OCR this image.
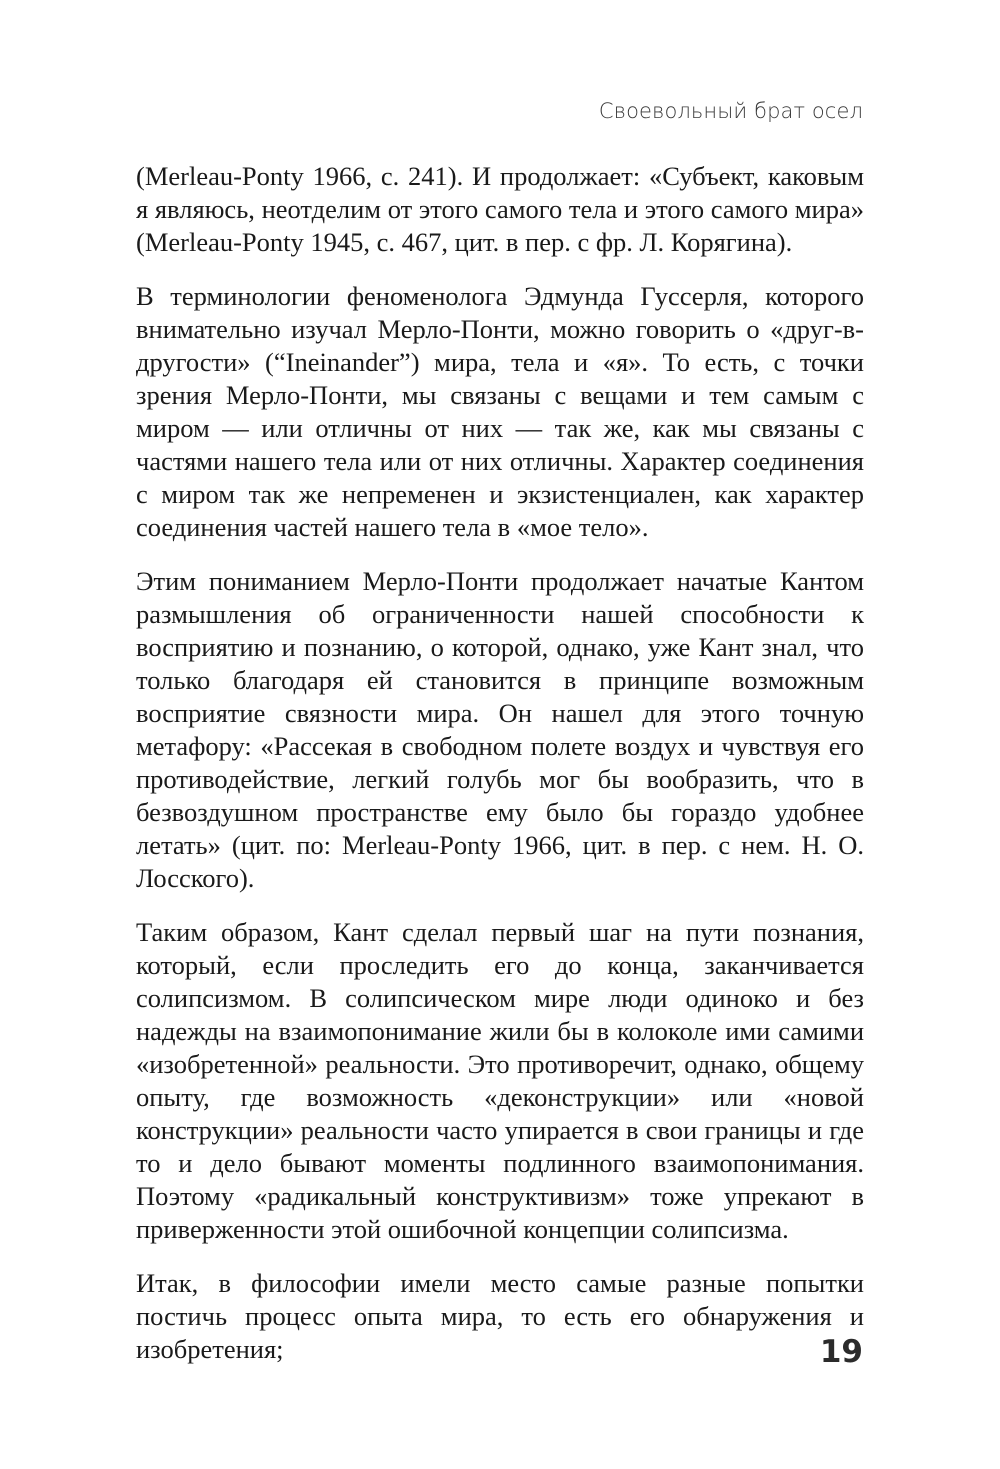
Своевольный брат осел

(Merleau-Ponty 1966, с. 241). И продолжает: «Субъект, каковым я являюсь, неотделим от этого самого тела и этого самого мира» (Merleau-Ponty 1945, с. 467, цит. в пер. с фр. Л. Корягина).

В терминологии феноменолога Эдмунда Гуссерля, которого внимательно изучал Мерло-Понти, можно говорить о «друг-в-другости» (“Ineinander”) мира, тела и «я». То есть, с точки зрения Мерло-Понти, мы связаны с вещами и тем самым с миром — или отличны от них — так же, как мы связаны с частями нашего тела или от них отличны. Характер соединения с миром так же непременен и экзистенциален, как характер соединения частей нашего тела в «мое тело».

Этим пониманием Мерло-Понти продолжает начатые Кантом размышления об ограниченности нашей способности к восприятию и познанию, о которой, однако, уже Кант знал, что только благодаря ей становится в принципе возможным восприятие связности мира. Он нашел для этого точную метафору: «Рассекая в свободном полете воздух и чувствуя его противодействие, легкий голубь мог бы вообразить, что в безвоздушном пространстве ему было бы гораздо удобнее летать» (цит. по: Merleau-Ponty 1966, цит. в пер. с нем. Н. О. Лосского).

Таким образом, Кант сделал первый шаг на пути познания, который, если проследить его до конца, заканчивается солипсизмом. В солипсическом мире люди одиноко и без надежды на взаимопонимание жили бы в колоколе ими самими «изобретенной» реальности. Это противоречит, однако, общему опыту, где возможность «деконструкции» или «новой конструкции» реальности часто упирается в свои границы и где то и дело бывают моменты подлинного взаимопонимания. Поэтому «радикальный конструктивизм» тоже упрекают в приверженности этой ошибочной концепции солипсизма.

Итак, в философии имели место самые разные попытки постичь процесс опыта мира, то есть его обнаружения и изобретения;	19
